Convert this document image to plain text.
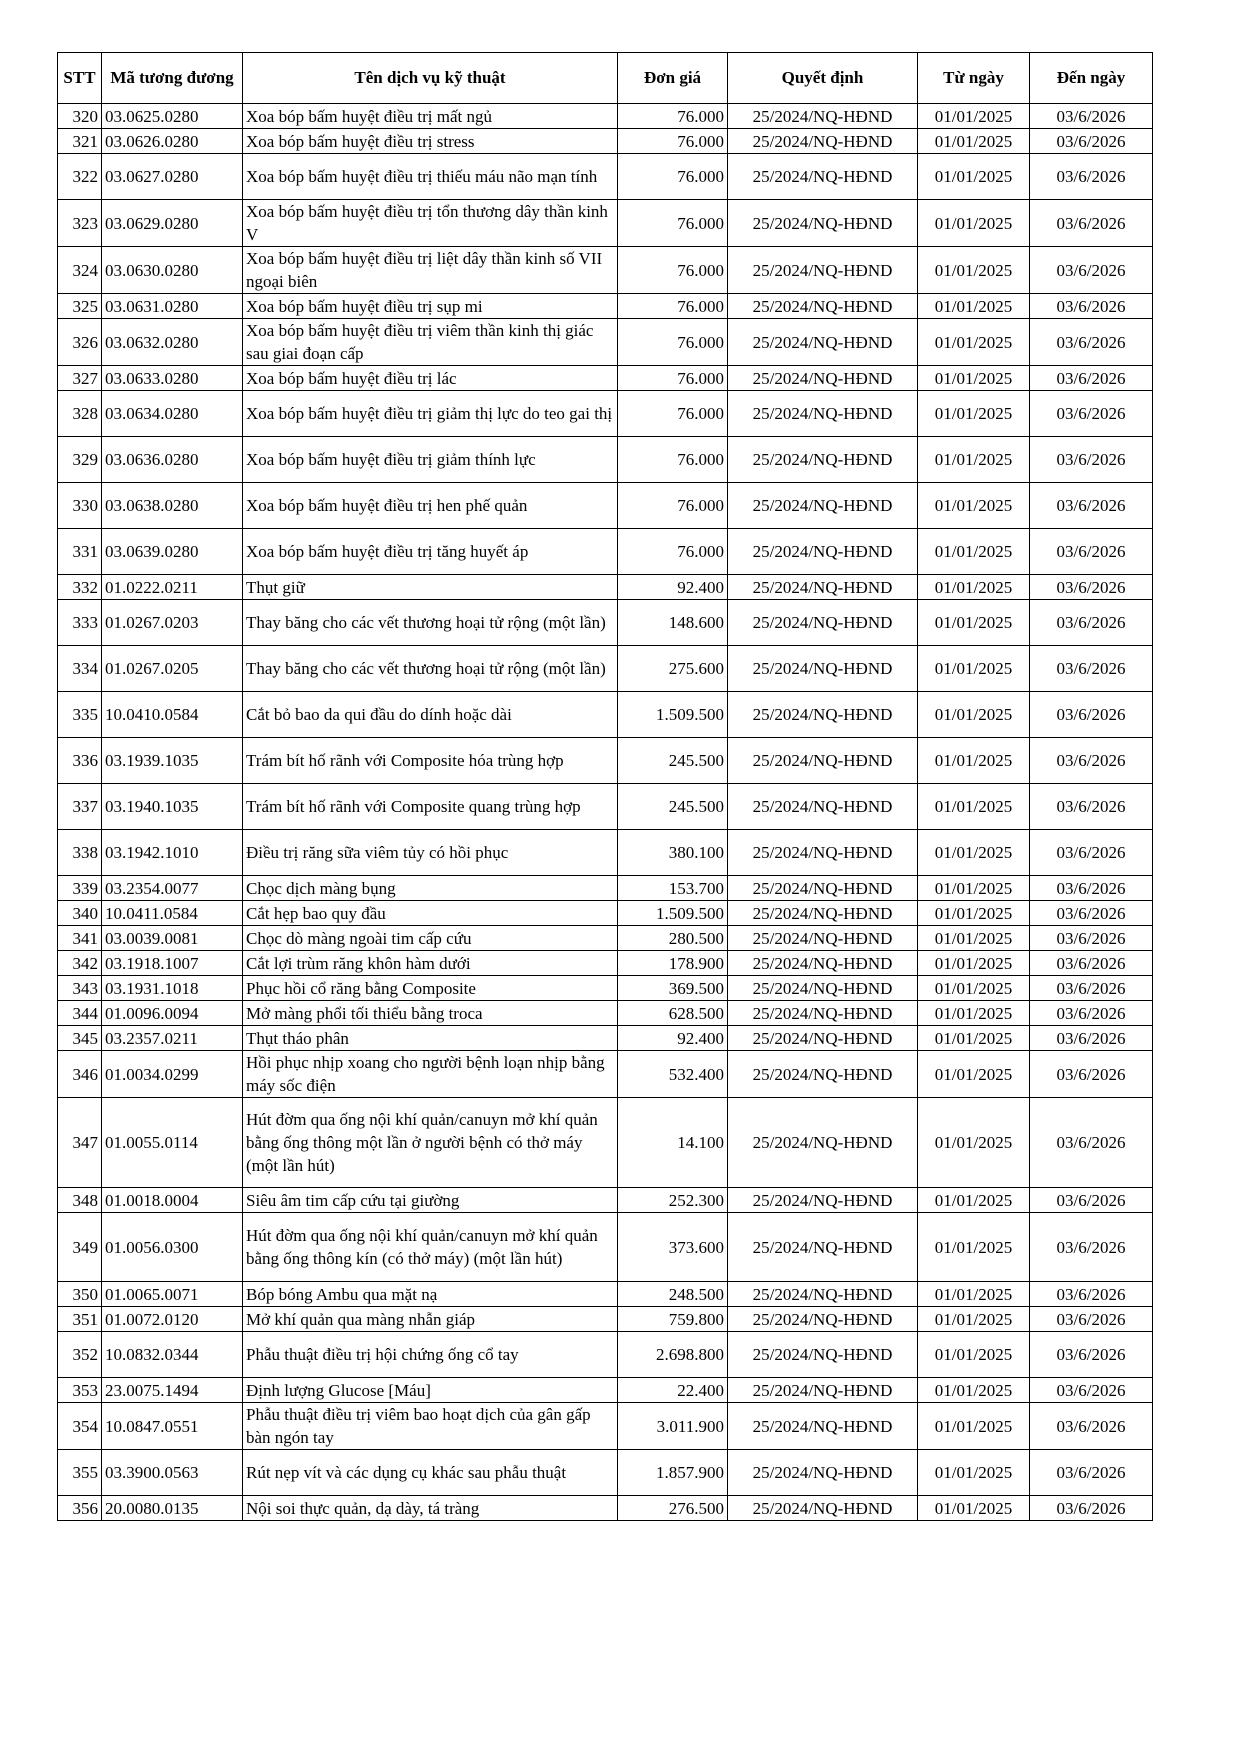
STT	Mã tương đương	Tên dịch vụ kỹ thuật	Đơn giá	Quyết định	Từ ngày	Đến ngày
320	03.0625.0280	Xoa bóp bấm huyệt điều trị mất ngủ	76.000	25/2024/NQ-HĐND	01/01/2025	03/6/2026
321	03.0626.0280	Xoa bóp bấm huyệt điều trị stress	76.000	25/2024/NQ-HĐND	01/01/2025	03/6/2026
322	03.0627.0280	Xoa bóp bấm huyệt điều trị thiếu máu não mạn tính	76.000	25/2024/NQ-HĐND	01/01/2025	03/6/2026
323	03.0629.0280	Xoa bóp bấm huyệt điều trị tổn thương dây thần kinh V	76.000	25/2024/NQ-HĐND	01/01/2025	03/6/2026
324	03.0630.0280	Xoa bóp bấm huyệt điều trị liệt dây thần kinh số VII ngoại biên	76.000	25/2024/NQ-HĐND	01/01/2025	03/6/2026
325	03.0631.0280	Xoa bóp bấm huyệt điều trị sụp mi	76.000	25/2024/NQ-HĐND	01/01/2025	03/6/2026
326	03.0632.0280	Xoa bóp bấm huyệt điều trị viêm thần kinh thị giác sau giai đoạn cấp	76.000	25/2024/NQ-HĐND	01/01/2025	03/6/2026
327	03.0633.0280	Xoa bóp bấm huyệt điều trị lác	76.000	25/2024/NQ-HĐND	01/01/2025	03/6/2026
328	03.0634.0280	Xoa bóp bấm huyệt điều trị giảm thị lực do teo gai thị	76.000	25/2024/NQ-HĐND	01/01/2025	03/6/2026
329	03.0636.0280	Xoa bóp bấm huyệt điều trị giảm thính lực	76.000	25/2024/NQ-HĐND	01/01/2025	03/6/2026
330	03.0638.0280	Xoa bóp bấm huyệt điều trị hen phế quản	76.000	25/2024/NQ-HĐND	01/01/2025	03/6/2026
331	03.0639.0280	Xoa bóp bấm huyệt điều trị tăng huyết áp	76.000	25/2024/NQ-HĐND	01/01/2025	03/6/2026
332	01.0222.0211	Thụt giữ	92.400	25/2024/NQ-HĐND	01/01/2025	03/6/2026
333	01.0267.0203	Thay băng cho các vết thương hoại tử rộng (một lần)	148.600	25/2024/NQ-HĐND	01/01/2025	03/6/2026
334	01.0267.0205	Thay băng cho các vết thương hoại tử rộng (một lần)	275.600	25/2024/NQ-HĐND	01/01/2025	03/6/2026
335	10.0410.0584	Cắt bỏ bao da qui đầu do dính hoặc dài	1.509.500	25/2024/NQ-HĐND	01/01/2025	03/6/2026
336	03.1939.1035	Trám bít hố rãnh với Composite hóa trùng hợp	245.500	25/2024/NQ-HĐND	01/01/2025	03/6/2026
337	03.1940.1035	Trám bít hố rãnh với Composite quang trùng hợp	245.500	25/2024/NQ-HĐND	01/01/2025	03/6/2026
338	03.1942.1010	Điều trị răng sữa viêm tủy có hồi phục	380.100	25/2024/NQ-HĐND	01/01/2025	03/6/2026
339	03.2354.0077	Chọc dịch màng bụng	153.700	25/2024/NQ-HĐND	01/01/2025	03/6/2026
340	10.0411.0584	Cắt hẹp bao quy đầu	1.509.500	25/2024/NQ-HĐND	01/01/2025	03/6/2026
341	03.0039.0081	Chọc dò màng ngoài tim cấp cứu	280.500	25/2024/NQ-HĐND	01/01/2025	03/6/2026
342	03.1918.1007	Cắt lợi trùm răng khôn hàm dưới	178.900	25/2024/NQ-HĐND	01/01/2025	03/6/2026
343	03.1931.1018	Phục hồi cổ răng bằng Composite	369.500	25/2024/NQ-HĐND	01/01/2025	03/6/2026
344	01.0096.0094	Mở màng phổi tối thiểu bằng troca	628.500	25/2024/NQ-HĐND	01/01/2025	03/6/2026
345	03.2357.0211	Thụt tháo phân	92.400	25/2024/NQ-HĐND	01/01/2025	03/6/2026
346	01.0034.0299	Hồi phục nhịp xoang cho người bệnh loạn nhịp bằng máy sốc điện	532.400	25/2024/NQ-HĐND	01/01/2025	03/6/2026
347	01.0055.0114	Hút đờm qua ống nội khí quản/canuyn mở khí quản bằng ống thông một lần ở người bệnh có thở máy (một lần hút)	14.100	25/2024/NQ-HĐND	01/01/2025	03/6/2026
348	01.0018.0004	Siêu âm tim cấp cứu tại giường	252.300	25/2024/NQ-HĐND	01/01/2025	03/6/2026
349	01.0056.0300	Hút đờm qua ống nội khí quản/canuyn mở khí quản bằng ống thông kín (có thở máy) (một lần hút)	373.600	25/2024/NQ-HĐND	01/01/2025	03/6/2026
350	01.0065.0071	Bóp bóng Ambu qua mặt nạ	248.500	25/2024/NQ-HĐND	01/01/2025	03/6/2026
351	01.0072.0120	Mở khí quản qua màng nhẫn giáp	759.800	25/2024/NQ-HĐND	01/01/2025	03/6/2026
352	10.0832.0344	Phẫu thuật điều trị hội chứng ống cổ tay	2.698.800	25/2024/NQ-HĐND	01/01/2025	03/6/2026
353	23.0075.1494	Định lượng Glucose [Máu]	22.400	25/2024/NQ-HĐND	01/01/2025	03/6/2026
354	10.0847.0551	Phẫu thuật điều trị viêm bao hoạt dịch của gân gấp bàn ngón tay	3.011.900	25/2024/NQ-HĐND	01/01/2025	03/6/2026
355	03.3900.0563	Rút nẹp vít và các dụng cụ khác sau phẫu thuật	1.857.900	25/2024/NQ-HĐND	01/01/2025	03/6/2026
356	20.0080.0135	Nội soi thực quản, dạ dày, tá tràng	276.500	25/2024/NQ-HĐND	01/01/2025	03/6/2026
